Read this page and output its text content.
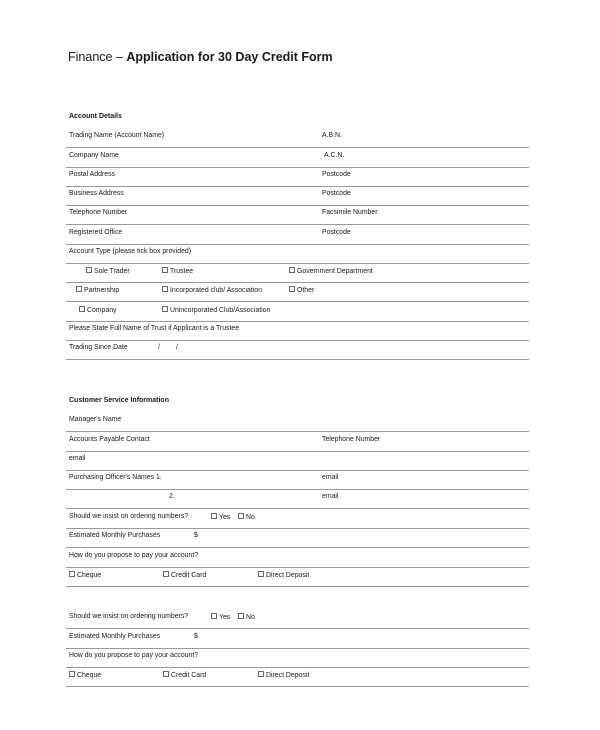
Finance – Application for 30 Day Credit Form
Account Details
Trading Name (Account Name)	A.B.N.
Company Name	A.C.N.
Postal Address	Postcode
Business Address	Postcode
Telephone Number	Facsimile Number
Registered Office	Postcode
Account Type (please tick box provided)
Sole Trader	Trustee	Government Department
Partnership	Incorporated club/ Association	Other
Company	Unincorporated Club/Association
Please State Full Name of Trust if Applicant is a Trustee
Trading Since Date	/ /
Customer Service Information
Manager's Name
Accounts Payable Contact	Telephone Number
email
Purchasing Officer's Names 1.	email
2.	email
Should we insist on ordering numbers?	Yes	No
Estimated Monthly Purchases	$
How do you propose to pay your account?
Cheque	Credit Card	Direct Deposit
Should we insist on ordering numbers?	Yes	No
Estimated Monthly Purchases	$
How do you propose to pay your account?
Cheque	Credit Card	Direct Deposit
